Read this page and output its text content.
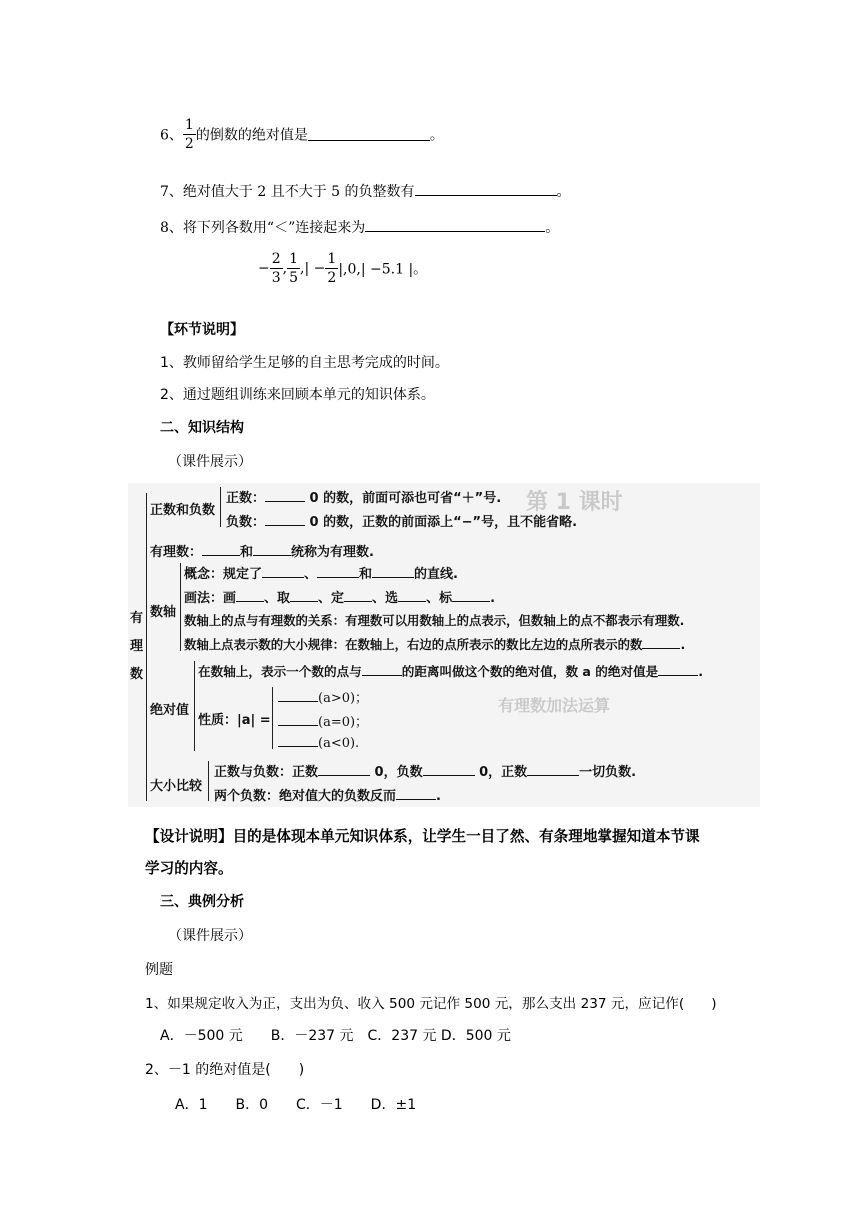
6、 $\frac{1}{2}$ 的倒数的绝对值是	。
7、绝对值大于 2 且不大于 5 的负整数有	。
8、将下列各数用“＜”连接起来为	。
− $\frac{2}{3}$ , $\frac{1}{5}$ ,| − $\frac{1}{2} |,0,| -5.1$ |。
【环节说明】
1、教师留给学生足够的自主思考完成的时间。
2、通过题组训练来回顾本单元的知识体系。
二、知识结构
（课件展示）
第 1 课时
有理数加法运算
有
理
数
正数和负数
正数：	0 的数，前面可添也可省“＋”号.
负数：	0 的数，正数的前面添上“−”号，且不能省略.
有理数：	和	统称为有理数.
数轴
概念：规定了	、	和	的直线.
画法：画 、取 、定 、选 、标	.
数轴上的点与有理数的关系：有理数可以用数轴上的点表示，但数轴上的点不都表示有理数.
数轴上点表示数的大小规律：在数轴上，右边的点所表示的数比左边的点所表示的数	.
绝对值
在数轴上，表示一个数的点与	的距离叫做这个数的绝对值，数 a 的绝对值是	.
性质：|a| =
(a>0)；
(a=0)；
(a<0).
大小比较
正数与负数：正数	0，负数	0，正数	一切负数.
两个负数：绝对值大的负数反而	.
【设计说明】目的是体现本单元知识体系，让学生一目了然、有条理地掌握知道本节课
学习的内容。
三、典例分析
（课件展示）
例题
1、如果规定收入为正，支出为负、收入 500 元记作 500 元，那么支出 237 元，应记作(　　)
A．－500 元　　B．－237 元　C．237 元 D．500 元
2、－1 的绝对值是(　　)
A．1　　B．0　　C．－1　　D．±1
